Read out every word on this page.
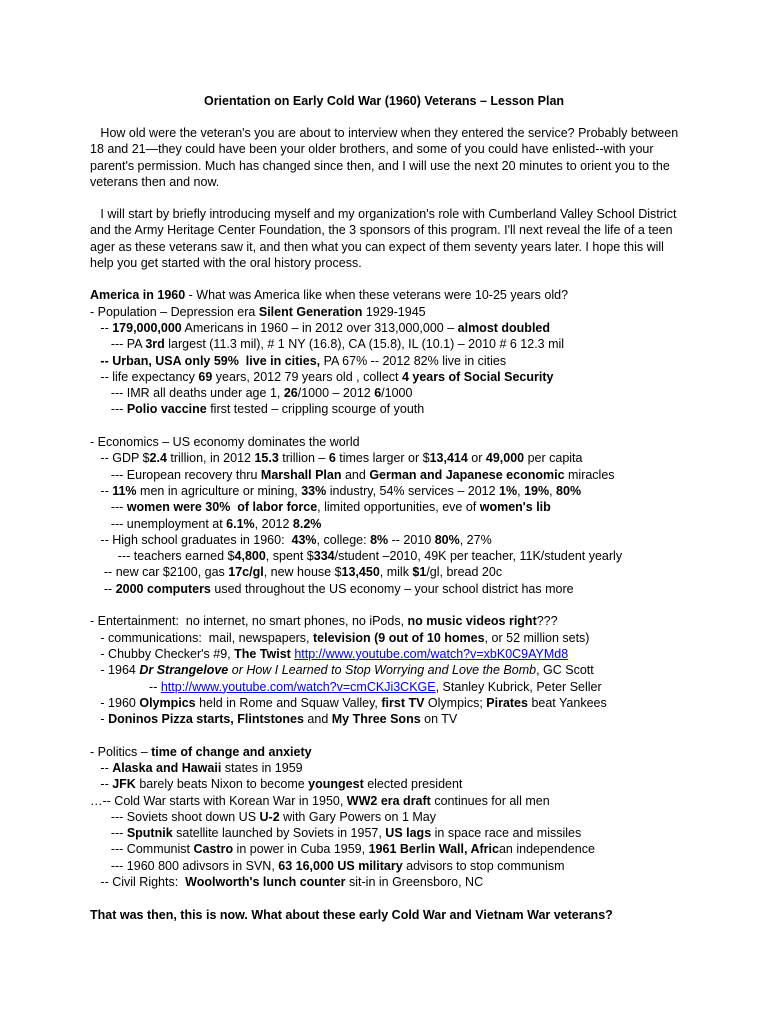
Orientation on Early Cold War (1960) Veterans – Lesson Plan

How old were the veteran's you are about to interview when they entered the service? Probably between 18 and 21—they could have been your older brothers, and some of you could have enlisted--with your parent's permission. Much has changed since then, and I will use the next 20 minutes to orient you to the veterans then and now.

I will start by briefly introducing myself and my organization's role with Cumberland Valley School District and the Army Heritage Center Foundation, the 3 sponsors of this program. I'll next reveal the life of a teen ager as these veterans saw it, and then what you can expect of them seventy years later. I hope this will help you get started with the oral history process.

America in 1960 - What was America like when these veterans were 10-25 years old?
- Population – Depression era Silent Generation 1929-1945
-- 179,000,000 Americans in 1960 – in 2012 over 313,000,000 – almost doubled
--- PA 3rd largest (11.3 mil), # 1 NY (16.8), CA (15.8), IL (10.1) – 2010 # 6 12.3 mil
-- Urban, USA only 59%  live in cities, PA 67% -- 2012 82% live in cities
-- life expectancy 69 years, 2012 79 years old , collect 4 years of Social Security
--- IMR all deaths under age 1, 26/1000 – 2012 6/1000
--- Polio vaccine first tested – crippling scourge of youth
- Economics – US economy dominates the world
-- GDP $2.4 trillion, in 2012 15.3 trillion – 6 times larger or $13,414 or 49,000 per capita
--- European recovery thru Marshall Plan and German and Japanese economic miracles
-- 11% men in agriculture or mining, 33% industry, 54% services – 2012 1%, 19%, 80%
--- women were 30%  of labor force, limited opportunities, eve of women's lib
--- unemployment at 6.1%, 2012 8.2%
-- High school graduates in 1960:  43%, college: 8% -- 2010 80%, 27%
--- teachers earned $4,800, spent $334/student –2010, 49K per teacher, 11K/student yearly
-- new car $2100, gas 17c/gl, new house $13,450, milk $1/gl, bread 20c
-- 2000 computers used throughout the US economy – your school district has more
- Entertainment:  no internet, no smart phones, no iPods, no music videos right???
- communications:  mail, newspapers, television (9 out of 10 homes, or 52 million sets)
- Chubby Checker's #9, The Twist http://www.youtube.com/watch?v=xbK0C9AYMd8
- 1964 Dr Strangelove or How I Learned to Stop Worrying and Love the Bomb, GC Scott
-- http://www.youtube.com/watch?v=cmCKJi3CKGE, Stanley Kubrick, Peter Seller
- 1960 Olympics held in Rome and Squaw Valley, first TV Olympics; Pirates beat Yankees
- Doninos Pizza starts, Flintstones and My Three Sons on TV
- Politics – time of change and anxiety
-- Alaska and Hawaii states in 1959
-- JFK barely beats Nixon to become youngest elected president
…-- Cold War starts with Korean War in 1950, WW2 era draft continues for all men
--- Soviets shoot down US U-2 with Gary Powers on 1 May
--- Sputnik satellite launched by Soviets in 1957, US lags in space race and missiles
--- Communist Castro in power in Cuba 1959, 1961 Berlin Wall, African independence
--- 1960 800 adivsors in SVN, 63 16,000 US military advisors to stop communism
-- Civil Rights:  Woolworth's lunch counter sit-in in Greensboro, NC
That was then, this is now. What about these early Cold War and Vietnam War veterans?
